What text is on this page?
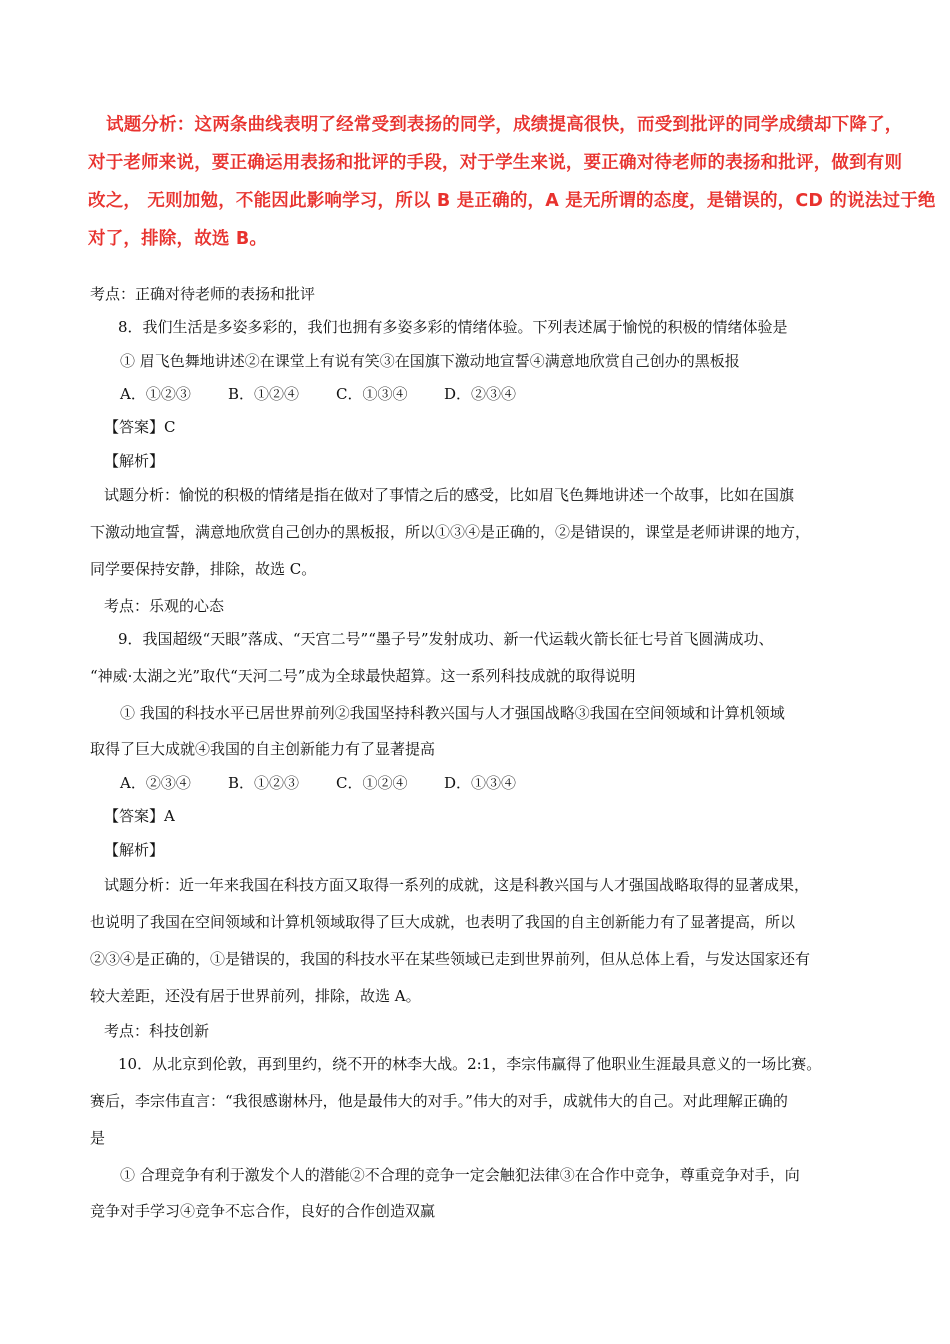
试题分析：这两条曲线表明了经常受到表扬的同学，成绩提高很快，而受到批评的同学成绩却下降了，
对于老师来说，要正确运用表扬和批评的手段，对于学生来说，要正确对待老师的表扬和批评，做到有则
改之， 无则加勉，不能因此影响学习，所以 B 是正确的，A 是无所谓的态度，是错误的，CD 的说法过于绝
对了，排除，故选 B。
考点：正确对待老师的表扬和批评
8．我们生活是多姿多彩的，我们也拥有多姿多彩的情绪体验。下列表述属于愉悦的积极的情绪体验是
① 眉飞色舞地讲述②在课堂上有说有笑③在国旗下激动地宣誓④满意地欣赏自己创办的黑板报
A．①②③ B．①②④ C．①③④ D．②③④
【答案】C
【解析】
试题分析：愉悦的积极的情绪是指在做对了事情之后的感受，比如眉飞色舞地讲述一个故事，比如在国旗
下激动地宣誓，满意地欣赏自己创办的黑板报，所以①③④是正确的，②是错误的，课堂是老师讲课的地方，
同学要保持安静，排除，故选 C。
考点：乐观的心态
9．我国超级“天眼”落成、“天宫二号”“墨子号”发射成功、新一代运载火箭长征七号首飞圆满成功、
“神威·太湖之光”取代“天河二号”成为全球最快超算。这一系列科技成就的取得说明
① 我国的科技水平已居世界前列②我国坚持科教兴国与人才强国战略③我国在空间领域和计算机领域
取得了巨大成就④我国的自主创新能力有了显著提高
A．②③④ B．①②③ C．①②④ D．①③④
【答案】A
【解析】
试题分析：近一年来我国在科技方面又取得一系列的成就，这是科教兴国与人才强国战略取得的显著成果，
也说明了我国在空间领域和计算机领域取得了巨大成就，也表明了我国的自主创新能力有了显著提高，所以
②③④是正确的，①是错误的，我国的科技水平在某些领域已走到世界前列，但从总体上看，与发达国家还有
较大差距，还没有居于世界前列，排除，故选 A。
考点：科技创新
10．从北京到伦敦，再到里约，绕不开的林李大战。2:1，李宗伟赢得了他职业生涯最具意义的一场比赛。
赛后，李宗伟直言：“我很感谢林丹，他是最伟大的对手。”伟大的对手，成就伟大的自己。对此理解正确的
是
① 合理竞争有利于激发个人的潜能②不合理的竞争一定会触犯法律③在合作中竞争，尊重竞争对手，向
竞争对手学习④竞争不忘合作，良好的合作创造双赢
